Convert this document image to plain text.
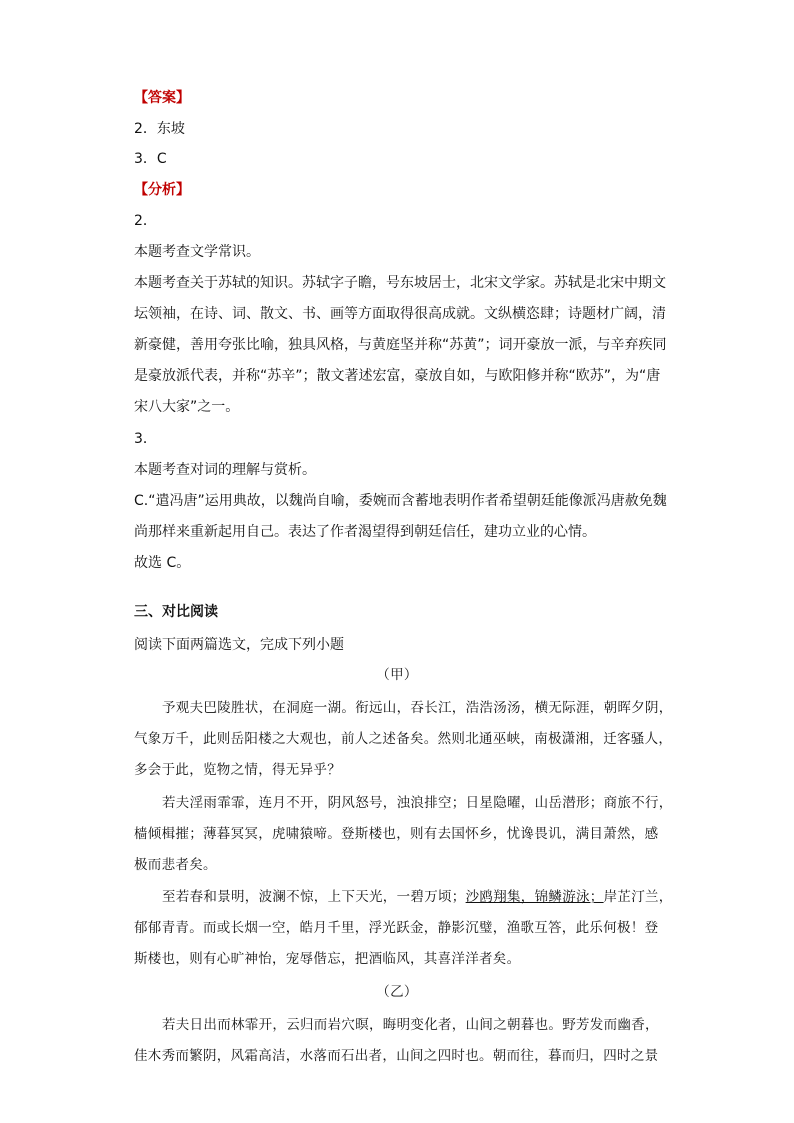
【答案】
2．东坡
3．C
【分析】
2．
本题考查文学常识。
本题考查关于苏轼的知识。苏轼字子瞻，号东坡居士，北宋文学家。苏轼是北宋中期文
坛领袖，在诗、词、散文、书、画等方面取得很高成就。文纵横恣肆；诗题材广阔，清
新豪健，善用夸张比喻，独具风格，与黄庭坚并称“苏黄”；词开豪放一派，与辛弃疾同
是豪放派代表，并称“苏辛”；散文著述宏富，豪放自如，与欧阳修并称“欧苏”，为“唐
宋八大家”之一。
3．
本题考查对词的理解与赏析。
C.“遣冯唐”运用典故，以魏尚自喻，委婉而含蓄地表明作者希望朝廷能像派冯唐赦免魏
尚那样来重新起用自己。表达了作者渴望得到朝廷信任，建功立业的心情。
故选 C。
三、对比阅读
阅读下面两篇选文，完成下列小题
（甲）
予观夫巴陵胜状，在洞庭一湖。衔远山，吞长江，浩浩汤汤，横无际涯，朝晖夕阴，
气象万千，此则岳阳楼之大观也，前人之述备矣。然则北通巫峡，南极潇湘，迁客骚人，
多会于此，览物之情，得无异乎？
若夫淫雨霏霏，连月不开，阴风怒号，浊浪排空；日星隐曜，山岳潜形；商旅不行，
樯倾楫摧；薄暮冥冥，虎啸猿啼。登斯楼也，则有去国怀乡，忧谗畏讥，满目萧然，感
极而悲者矣。
至若春和景明，波澜不惊，上下天光，一碧万顷；沙鸥翔集，锦鳞游泳；岸芷汀兰，
郁郁青青。而或长烟一空，皓月千里，浮光跃金，静影沉璧，渔歌互答，此乐何极！登
斯楼也，则有心旷神怡，宠辱偕忘，把酒临风，其喜洋洋者矣。
（乙）
若夫日出而林霏开，云归而岩穴暝，晦明变化者，山间之朝暮也。野芳发而幽香，
佳木秀而繁阴，风霜高洁，水落而石出者，山间之四时也。朝而往，暮而归，四时之景
